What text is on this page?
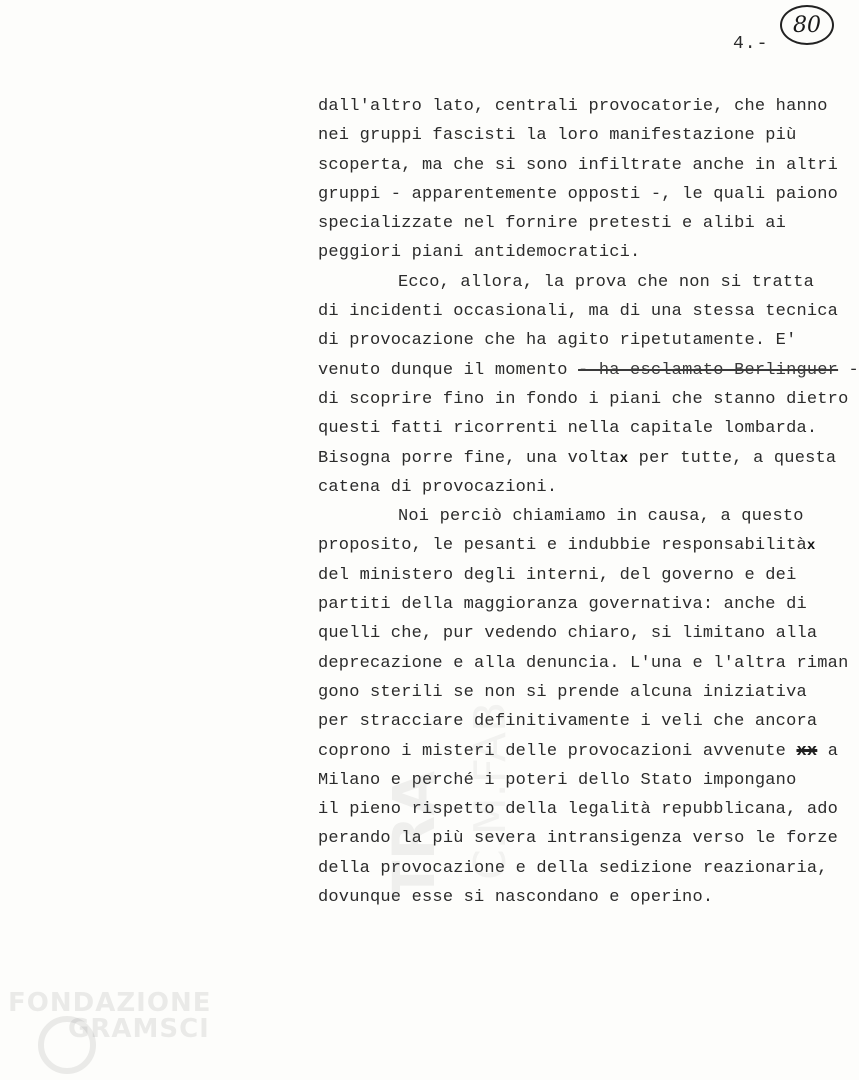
4.-
80
dall'altro lato, centrali provocatorie, che hanno
nei gruppi fascisti la loro manifestazione più
scoperta, ma che si sono infiltrate anche in altri
gruppi - apparentemente opposti -, le quali paiono
specializzate nel fornire pretesti e alibi ai
peggiori piani antidemocratici.
Ecco, allora, la prova che non si tratta
di incidenti occasionali, ma di una stessa tecnica
di provocazione che ha agito ripetutamente. E'
venuto dunque il momento - ha esclamato Berlinguer -
di scoprire fino in fondo i piani che stanno dietro
questi fatti ricorrenti nella capitale lombarda.
Bisogna porre fine, una voltax per tutte, a questa
catena di provocazioni.
Noi perciò chiamiamo in causa, a questo
proposito, le pesanti e indubbie responsabilitàx
del ministero degli interni, del governo e dei
partiti della maggioranza governativa: anche di
quelli che, pur vedendo chiaro, si limitano alla
deprecazione e alla denuncia. L'una e l'altra riman
gono sterili se non si prende alcuna iniziativa
per stracciare definitivamente i veli che ancora
coprono i misteri delle provocazioni avvenute xx a
Milano e perché i poteri dello Stato impongano
il pieno rispetto della legalità repubblicana, ado
perando la più severa intransigenza verso le forze
della provocazione e della sedizione reazionaria,
dovunque esse si nascondano e operino.
TRA C.M.FAB
FONDAZIONE
GRAMSCI
